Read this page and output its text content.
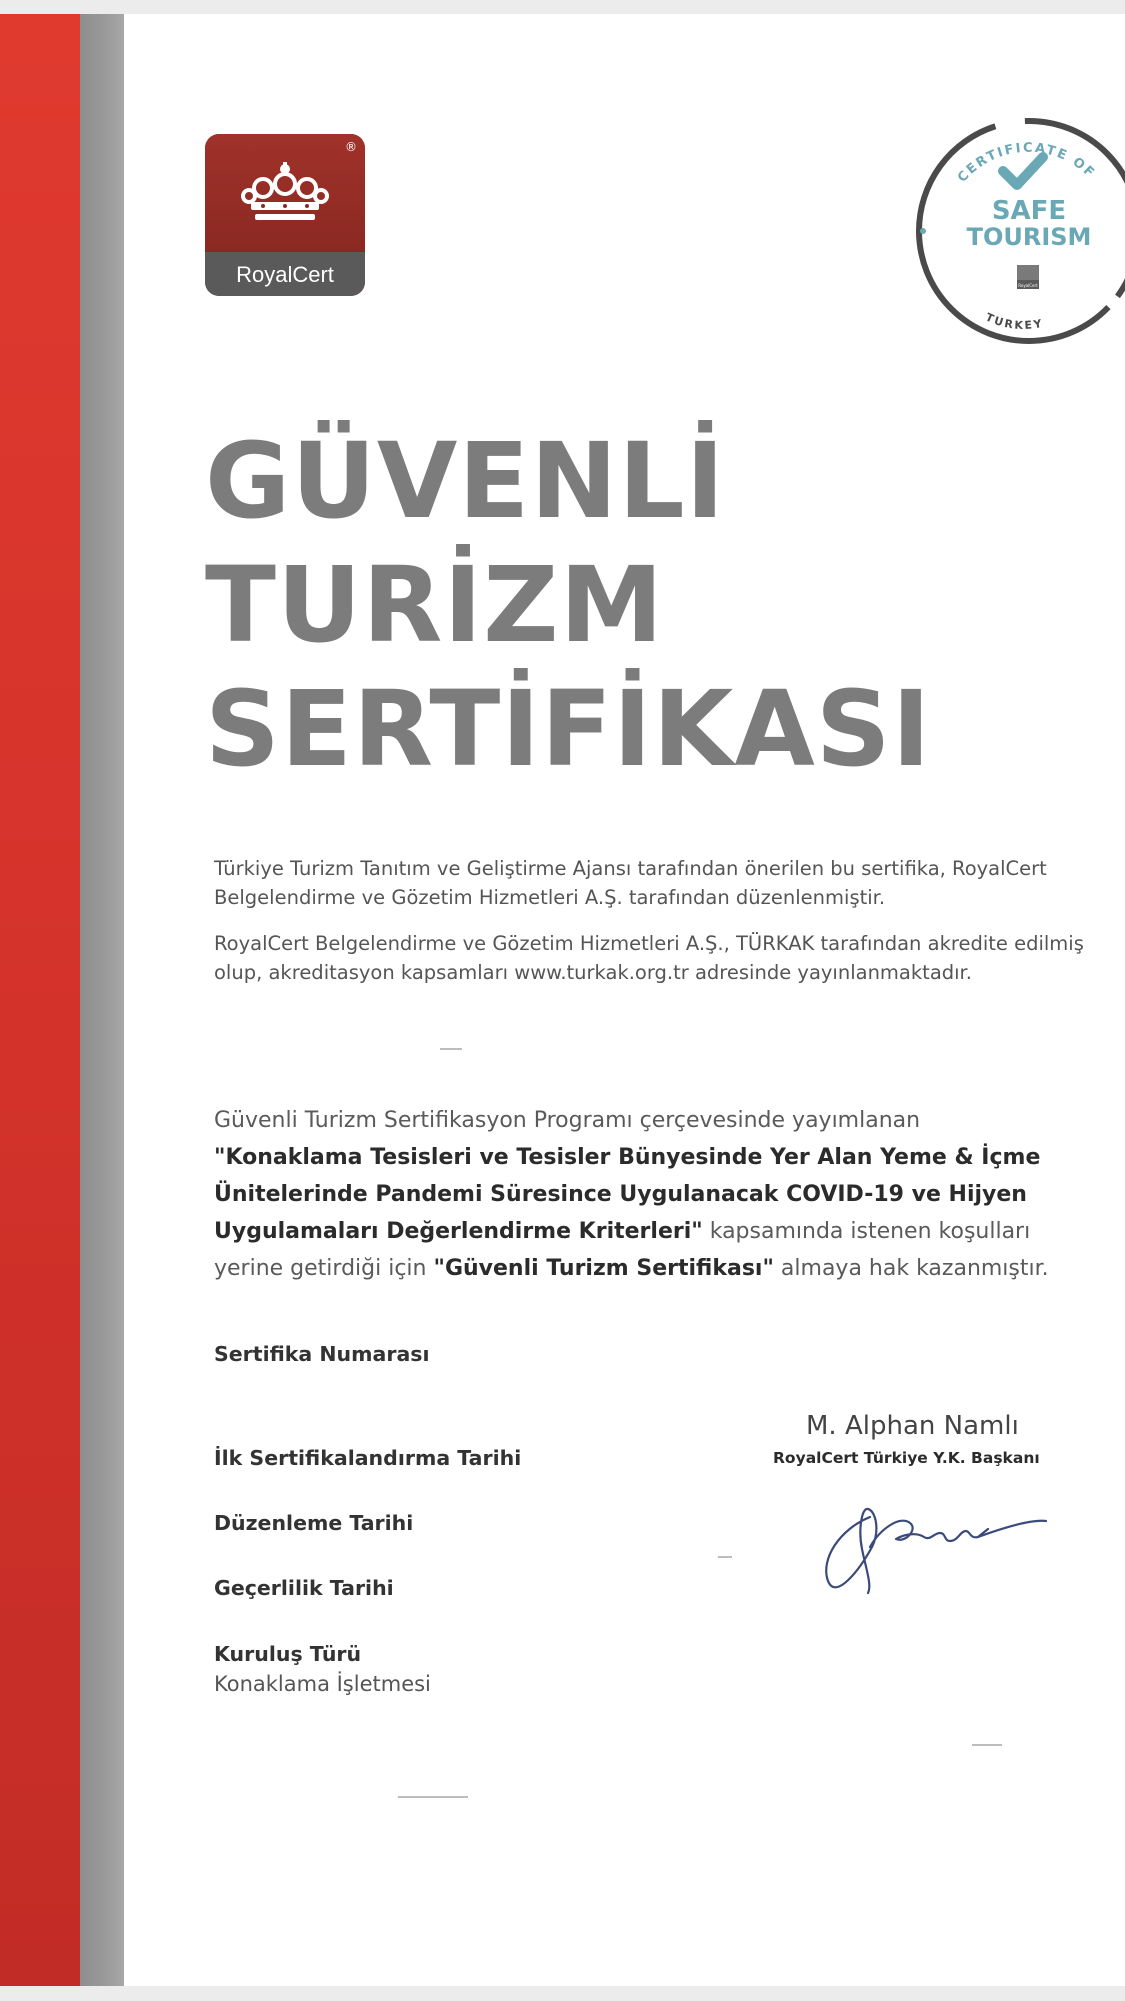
®
RoyalCert
CERTIFICATE OF
TURKEY
SAFE
TOURISM
RoyalCert
GÜVENLİ
TURİZM
SERTİFİKASI
Türkiye Turizm Tanıtım ve Geliştirme Ajansı tarafından önerilen bu sertifika, RoyalCert Belgelendirme ve Gözetim Hizmetleri A.Ş. tarafından düzenlenmiştir.
RoyalCert Belgelendirme ve Gözetim Hizmetleri A.Ş., TÜRKAK tarafından akredite edilmiş olup, akreditasyon kapsamları www.turkak.org.tr adresinde yayınlanmaktadır.
Güvenli Turizm Sertifikasyon Programı çerçevesinde yayımlanan "Konaklama Tesisleri ve Tesisler Bünyesinde Yer Alan Yeme & İçme Ünitelerinde Pandemi Süresince Uygulanacak COVID-19 ve Hijyen Uygulamaları Değerlendirme Kriterleri" kapsamında istenen koşulları yerine getirdiği için "Güvenli Turizm Sertifikası" almaya hak kazanmıştır.
Sertifika Numarası
İlk Sertifikalandırma Tarihi
Düzenleme Tarihi
Geçerlilik Tarihi
Kuruluş Türü
Konaklama İşletmesi
M. Alphan Namlı
RoyalCert Türkiye Y.K. Başkanı
